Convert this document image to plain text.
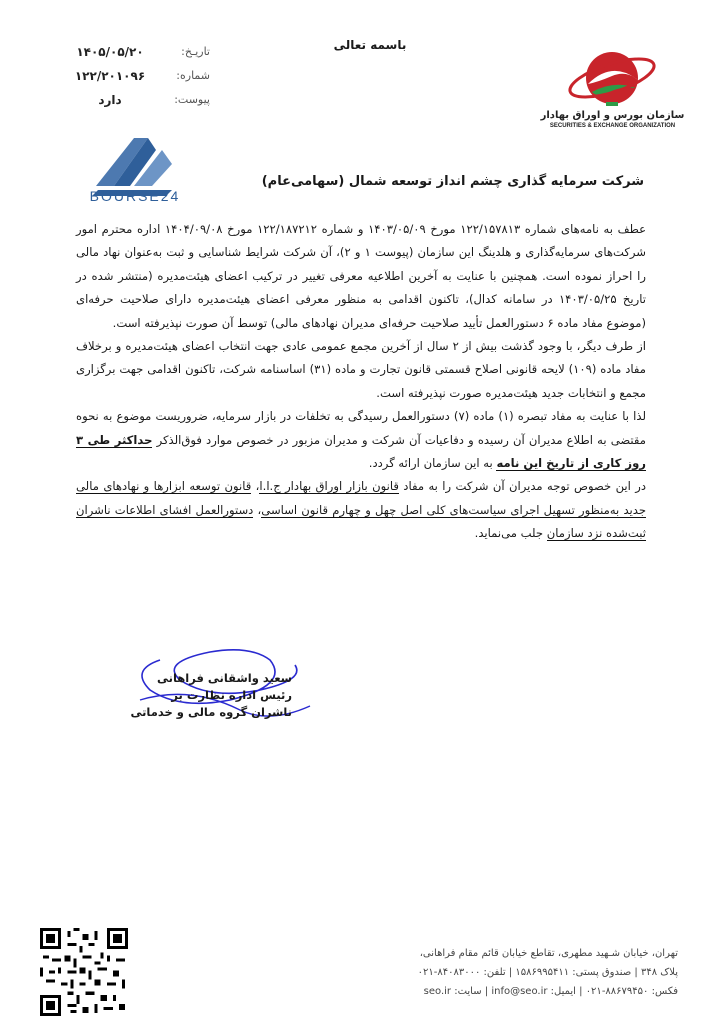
باسمه تعالی
تاریـخ:
۱۴۰۵/۰۵/۲۰
شماره:
۱۲۲/۲۰۱۰۹۶
پیوست:
دارد
سازمان بورس و اوراق بهادار
SECURITIES & EXCHANGE ORGANIZATION
BOURSE24
شرکت سرمایه گذاری چشم انداز توسعه شمال (سهامی‌عام)

عطف به نامه‌های شماره ۱۲۲/۱۵۷۸۱۳ مورخ ۱۴۰۳/۰۵/۰۹ و شماره ۱۲۲/۱۸۷۲۱۲ مورخ ۱۴۰۴/۰۹/۰۸ اداره محترم امور شرکت‌های سرمایه‌گذاری و هلدینگ این سازمان (پیوست ۱ و ۲)، آن شرکت شرایط شناسایی و ثبت به‌عنوان نهاد مالی را احراز نموده است. همچنین با عنایت به آخرین اطلاعیه معرفی تغییر در ترکیب اعضای هیئت‌مدیره (منتشر شده در تاریخ ۱۴۰۳/۰۵/۲۵ در سامانه کدال)، تاکنون اقدامی به منظور معرفی اعضای هیئت‌مدیره دارای صلاحیت حرفه‌ای (موضوع مفاد ماده ۶ دستورالعمل تأیید صلاحیت حرفه‌ای مدیران نهادهای مالی) توسط آن صورت نپذیرفته است.

از طرف دیگر، با وجود گذشت بیش از ۲ سال از آخرین مجمع عمومی عادی جهت انتخاب اعضای هیئت‌مدیره و برخلاف مفاد ماده (۱۰۹) لایحه قانونی اصلاح قسمتی قانون تجارت و ماده (۳۱) اساسنامه شرکت، تاکنون اقدامی جهت برگزاری مجمع و انتخابات جدید هیئت‌مدیره صورت نپذیرفته است.

لذا با عنایت به مفاد تبصره (۱) ماده (۷) دستورالعمل رسیدگی به تخلفات در بازار سرمایه، ضروریست موضوع به نحوه مقتضی به اطلاع مدیران آن رسیده و دفاعیات آن شرکت و مدیران مزبور در خصوص موارد فوق‌الذکر حداکثر طی ۳ روز کاری از تاریخ این نامه به این سازمان ارائه گردد.

در این خصوص توجه مدیران آن شرکت را به مفاد قانون بازار اوراق بهادار ج.ا.ا، قانون توسعه ابزارها و نهادهای مالی جدید به‌منظور تسهیل اجرای سیاست‌های کلی اصل چهل و چهارم قانون اساسی، دستورالعمل افشای اطلاعات ناشران ثبت‌شده نزد سازمان جلب می‌نماید.

سعید واشقانی فراهانی
رئیس اداره نظارت بر
ناشران گروه مالی و خدماتی
تهران، خیابان شـهید مطهری، تقاطع خیابان قائم مقام فراهانی،
پلاک ۳۴۸ | صندوق پستی: ۱۵۸۶۹۹۵۴۱۱ | تلفن: ۸۴۰۸۳۰۰۰-۰۲۱
فکس: ۸۸۶۷۹۴۵۰-۰۲۱ | ایمیل: info@seo.ir | سایت: seo.ir
